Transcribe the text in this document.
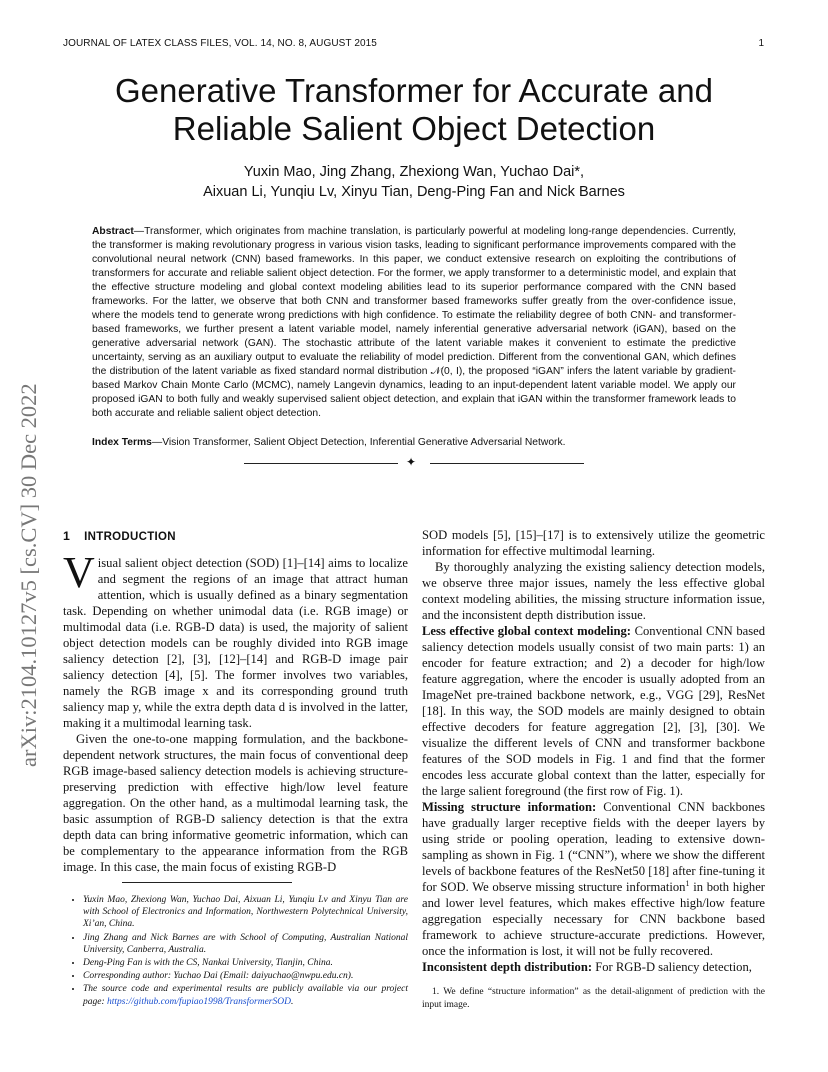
JOURNAL OF LATEX CLASS FILES, VOL. 14, NO. 8, AUGUST 2015	1
Generative Transformer for Accurate and Reliable Salient Object Detection
Yuxin Mao, Jing Zhang, Zhexiong Wan, Yuchao Dai*,
Aixuan Li, Yunqiu Lv, Xinyu Tian, Deng-Ping Fan and Nick Barnes
Abstract—Transformer, which originates from machine translation, is particularly powerful at modeling long-range dependencies. Currently, the transformer is making revolutionary progress in various vision tasks, leading to significant performance improvements compared with the convolutional neural network (CNN) based frameworks. In this paper, we conduct extensive research on exploiting the contributions of transformers for accurate and reliable salient object detection. For the former, we apply transformer to a deterministic model, and explain that the effective structure modeling and global context modeling abilities lead to its superior performance compared with the CNN based frameworks. For the latter, we observe that both CNN and transformer based frameworks suffer greatly from the over-confidence issue, where the models tend to generate wrong predictions with high confidence. To estimate the reliability degree of both CNN- and transformer-based frameworks, we further present a latent variable model, namely inferential generative adversarial network (iGAN), based on the generative adversarial network (GAN). The stochastic attribute of the latent variable makes it convenient to estimate the predictive uncertainty, serving as an auxiliary output to evaluate the reliability of model prediction. Different from the conventional GAN, which defines the distribution of the latent variable as fixed standard normal distribution 𝒩(0, I), the proposed “iGAN” infers the latent variable by gradient-based Markov Chain Monte Carlo (MCMC), namely Langevin dynamics, leading to an input-dependent latent variable model. We apply our proposed iGAN to both fully and weakly supervised salient object detection, and explain that iGAN within the transformer framework leads to both accurate and reliable salient object detection.
Index Terms—Vision Transformer, Salient Object Detection, Inferential Generative Adversarial Network.
✦
arXiv:2104.10127v5 [cs.CV] 30 Dec 2022 1 INTRODUCTION

Visual salient object detection (SOD) [1]–[14] aims to localize and segment the regions of an image that attract human attention, which is usually defined as a binary segmentation task. Depending on whether unimodal data (i.e. RGB image) or multimodal data (i.e. RGB-D data) is used, the majority of salient object detection models can be roughly divided into RGB image saliency detection [2], [3], [12]–[14] and RGB-D image pair saliency detection [4], [5]. The former involves two variables, namely the RGB image x and its corresponding ground truth saliency map y, while the extra depth data d is involved in the latter, making it a multimodal learning task.

Given the one-to-one mapping formulation, and the backbone-dependent network structures, the main focus of conventional deep RGB image-based saliency detection models is achieving structure-preserving prediction with effective high/low level feature aggregation. On the other hand, as a multimodal learning task, the basic assumption of RGB-D saliency detection is that the extra depth data can bring informative geometric information, which can be complementary to the appearance information from the RGB image. In this case, the main focus of existing RGB-D

• Yuxin Mao, Zhexiong Wan, Yuchao Dai, Aixuan Li, Yunqiu Lv and Xinyu Tian are with School of Electronics and Information, Northwestern Polytechnical University, Xi’an, China.
• Jing Zhang and Nick Barnes are with School of Computing, Australian National University, Canberra, Australia.
• Deng-Ping Fan is with the CS, Nankai University, Tianjin, China.
• Corresponding author: Yuchao Dai (Email: daiyuchao@nwpu.edu.cn).
• The source code and experimental results are publicly available via our project page: https://github.com/fupiao1998/TransformerSOD.

SOD models [5], [15]–[17] is to extensively utilize the geometric information for effective multimodal learning.

By thoroughly analyzing the existing saliency detection models, we observe three major issues, namely the less effective global context modeling abilities, the missing structure information issue, and the inconsistent depth distribution issue.

Less effective global context modeling: Conventional CNN based saliency detection models usually consist of two main parts: 1) an encoder for feature extraction; and 2) a decoder for high/low feature aggregation, where the encoder is usually adopted from an ImageNet pre-trained backbone network, e.g., VGG [29], ResNet [18]. In this way, the SOD models are mainly designed to obtain effective decoders for feature aggregation [2], [3], [30]. We visualize the different levels of CNN and transformer backbone features of the SOD models in Fig. 1 and find that the former encodes less accurate global context than the latter, especially for the large salient foreground (the first row of Fig. 1).

Missing structure information: Conventional CNN backbones have gradually larger receptive fields with the deeper layers by using stride or pooling operation, leading to extensive down-sampling as shown in Fig. 1 (“CNN”), where we show the different levels of backbone features of the ResNet50 [18] after fine-tuning it for SOD. We observe missing structure information$^1$ in both higher and lower level features, which makes effective high/low feature aggregation especially necessary for CNN backbone based framework to achieve structure-accurate predictions. However, once the information is lost, it will not be fully recovered.

Inconsistent depth distribution: For RGB-D saliency detection,

1. We define “structure information” as the detail-alignment of prediction with the input image.
